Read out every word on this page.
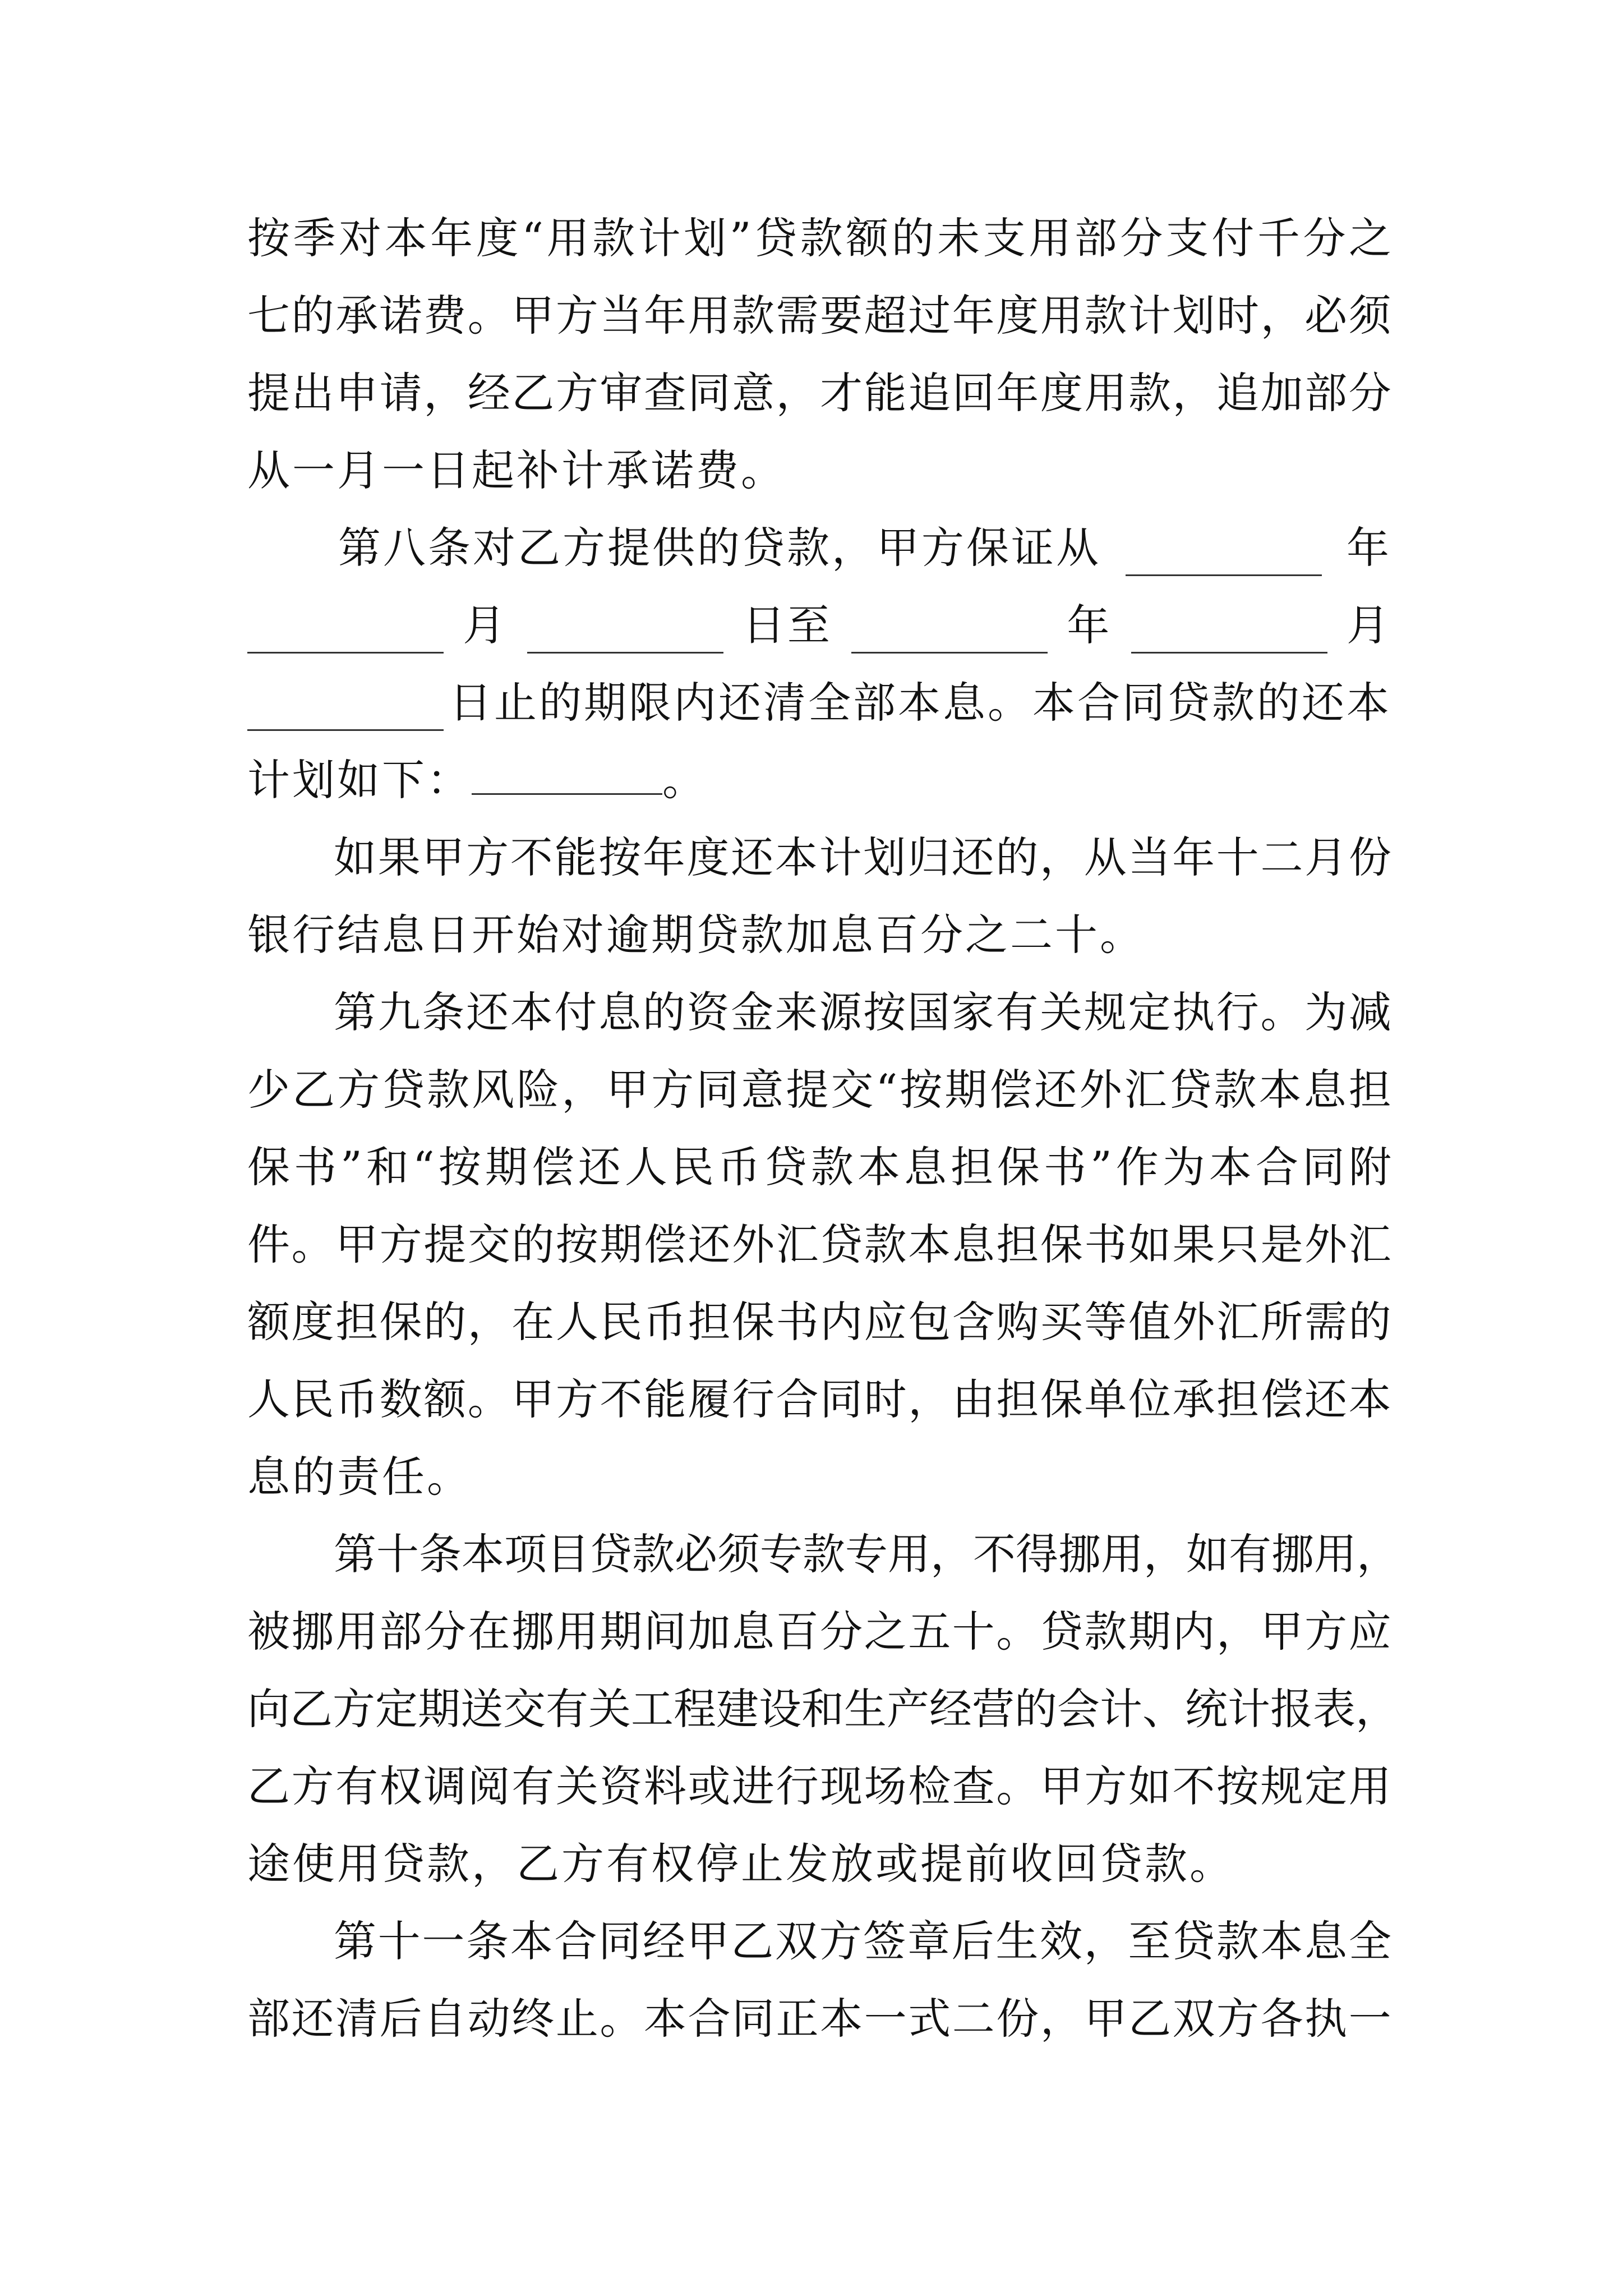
按 季 对 本 年 度 “ 用 款 计 划 ” 贷 款 额 的 未 支 用 部 分 支 付 千 分 之
七 的 承 诺 费 。 甲 方 当 年 用 款 需 要 超 过 年 度 用 款 计 划 时 ， 必 须
提 出 申 请 ， 经 乙 方 审 查 同 意 ， 才 能 追 回 年 度 用 款 ， 追 加 部 分
从一月一日起补计承诺费。
第八条对乙方提供的贷款，甲方保证从	年
月	日至	年	月
日止的期限内还清全部本息。本合同贷款的还本
计划如下：	。
如 果 甲 方 不 能 按 年 度 还 本 计 划 归 还 的 ， 从 当 年 十 二 月 份
银行结息日开始对逾期贷款加息百分之二十。
第 九 条 还 本 付 息 的 资 金 来 源 按 国 家 有 关 规 定 执 行 。 为 减
少 乙 方 贷 款 风 险 ， 甲 方 同 意 提 交 “ 按 期 偿 还 外 汇 贷 款 本 息 担
保 书 ” 和 “ 按 期 偿 还 人 民 币 贷 款 本 息 担 保 书 ” 作 为 本 合 同 附
件 。 甲 方 提 交 的 按 期 偿 还 外 汇 贷 款 本 息 担 保 书 如 果 只 是 外 汇
额 度 担 保 的 ， 在 人 民 币 担 保 书 内 应 包 含 购 买 等 值 外 汇 所 需 的
人 民 币 数 额 。 甲 方 不 能 履 行 合 同 时 ， 由 担 保 单 位 承 担 偿 还 本
息的责任。
第 十 条 本 项 目 贷 款 必 须 专 款 专 用 ， 不 得 挪 用 ， 如 有 挪 用 ，
被 挪 用 部 分 在 挪 用 期 间 加 息 百 分 之 五 十 。 贷 款 期 内 ， 甲 方 应
向 乙 方 定 期 送 交 有 关 工 程 建 设 和 生 产 经 营 的 会 计 、 统 计 报 表 ，
乙 方 有 权 调 阅 有 关 资 料 或 进 行 现 场 检 查 。 甲 方 如 不 按 规 定 用
途使用贷款，乙方有权停止发放或提前收回贷款。
第 十 一 条 本 合 同 经 甲 乙 双 方 签 章 后 生 效 ， 至 贷 款 本 息 全
部 还 清 后 自 动 终 止 。 本 合 同 正 本 一 式 二 份 ， 甲 乙 双 方 各 执 一
